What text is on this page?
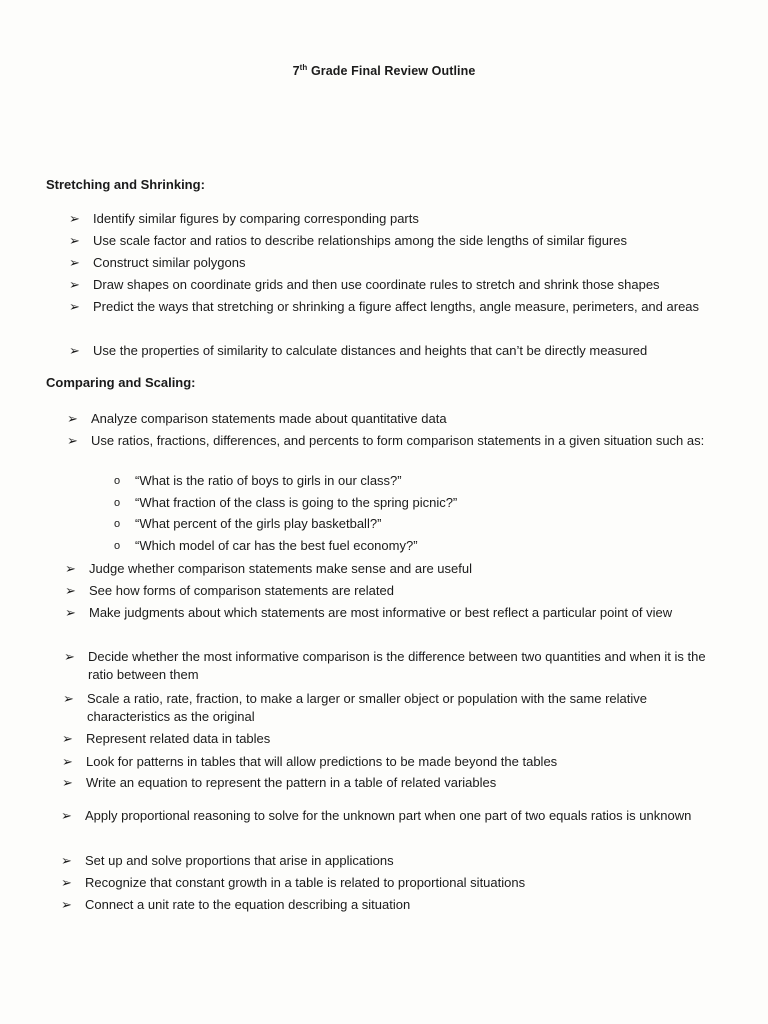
7th Grade Final Review Outline
Stretching and Shrinking:
➢	Identify similar figures by comparing corresponding parts
➢	Use scale factor and ratios to describe relationships among the side lengths of similar figures
➢	Construct similar polygons
➢	Draw shapes on coordinate grids and then use coordinate rules to stretch and shrink those shapes
➢	Predict the ways that stretching or shrinking a figure affect lengths, angle measure, perimeters, and areas
➢	Use the properties of similarity to calculate distances and heights that can’t be directly measured
Comparing and Scaling:
➢	Analyze comparison statements made about quantitative data
➢	Use ratios, fractions, differences, and percents to form comparison statements in a given situation such as:
o	“What is the ratio of boys to girls in our class?”
o	“What fraction of the class is going to the spring picnic?”
o	“What percent of the girls play basketball?”
o	“Which model of car has the best fuel economy?”
➢	Judge whether comparison statements make sense and are useful
➢	See how forms of comparison statements are related
➢	Make judgments about which statements are most informative or best reflect a particular point of view
➢	Decide whether the most informative comparison is the difference between two quantities and when it is the ratio between them
➢	Scale a ratio, rate, fraction, to make a larger or smaller object or population with the same relative characteristics as the original
➢	Represent related data in tables
➢	Look for patterns in tables that will allow predictions to be made beyond the tables
➢	Write an equation to represent the pattern in a table of related variables
➢	Apply proportional reasoning to solve for the unknown part when one part of two equals ratios is unknown
➢	Set up and solve proportions that arise in applications
➢	Recognize that constant growth in a table is related to proportional situations
➢	Connect a unit rate to the equation describing a situation
